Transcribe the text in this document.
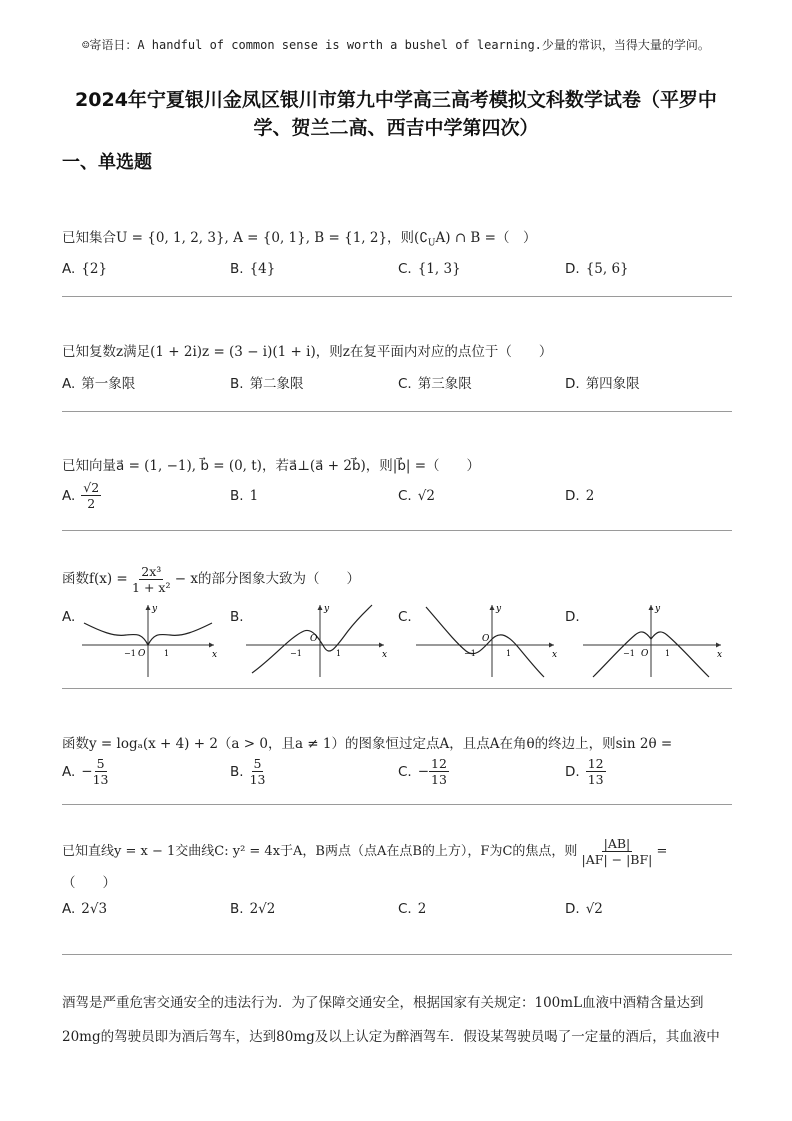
☺寄语日：A handful of common sense is worth a bushel of learning.少量的常识，当得大量的学问。
2024年宁夏银川金凤区银川市第九中学高三高考模拟文科数学试卷（平罗中
学、贺兰二高、西吉中学第四次）
一、单选题
已知集合U = {0, 1, 2, 3}, A = {0, 1}, B = {1, 2}，则$(∁_UA)$ ∩ B =（　）
A. {2}	B. {4}	C. {1, 3}	D. {5, 6}
已知复数z满足(1 + 2i)z = (3 − i)(1 + i)，则z在复平面内对应的点位于（　　）
A. 第一象限	B. 第二象限	C. 第三象限	D. 第四象限
已知向量a⃗ = (1, −1), b⃗ = (0, t)，若a⃗⊥(a⃗ + 2b⃗)，则|b⃗| =（　　）
A. $\frac{√2}{2}$	B. 1	C. √2	D. 2
函数$f(x) = \frac{\text{2x³}}{\text{1 + x²}} - x$的部分图象大致为（　　）
A.	y
x
O
−1	1
B.	y
x
O
−1	1
C.	y
x
O
−1	1
D.	y
x
O
−1	1
函数y = logₐ(x + 4) + 2（a > 0，且a ≠ 1）的图象恒过定点A，且点A在角θ的终边上，则sin 2θ =
A. − $\frac{5}{13}$	B. $\frac{5}{13}$	C. − $\frac{12}{13}$	D. $\frac{12}{13}$
已知直线y = x − 1交曲线C: y² = 4x于A，B两点（点A在点B的上方），F为C的焦点，则 $\frac{|AB|}{|AF| - |BF|}$ =
（　　）
A. 2√3	B. 2√2	C. 2	D. √2
酒驾是严重危害交通安全的违法行为．为了保障交通安全，根据国家有关规定：100mL血液中酒精含量达到
20mg的驾驶员即为酒后驾车，达到80mg及以上认定为醉酒驾车．假设某驾驶员喝了一定量的酒后，其血液中
